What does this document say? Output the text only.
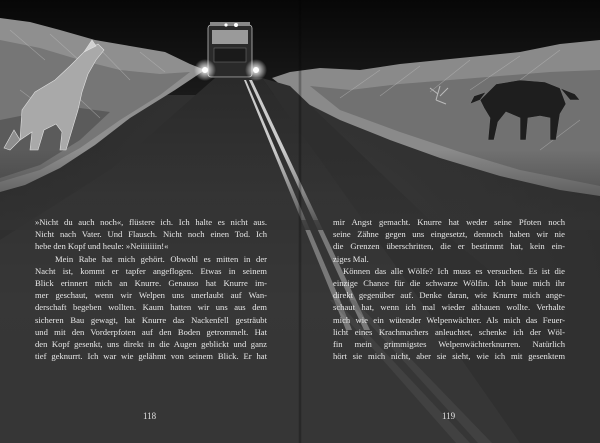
»Nicht du auch noch«, flüstere ich. Ich halte es nicht aus.
Nicht nach Vater. Und Flausch. Nicht noch einen Tod. Ich
hebe den Kopf und heule: »Neiiiiiiin!«
Mein Rabe hat mich gehört. Obwohl es mitten in der
Nacht ist, kommt er tapfer angeflogen. Etwas in seinem
Blick erinnert mich an Knurre. Genauso hat Knurre im-
mer geschaut, wenn wir Welpen uns unerlaubt auf Wan-
derschaft begeben wollten. Kaum hatten wir uns aus dem
sicheren Bau gewagt, hat Knurre das Nackenfell gesträubt
und mit den Vorderpfoten auf den Boden getrommelt. Hat
den Kopf gesenkt, uns direkt in die Augen geblickt und ganz
tief geknurrt. Ich war wie gelähmt von seinem Blick. Er hat
mir Angst gemacht. Knurre hat weder seine Pfoten noch
seine Zähne gegen uns eingesetzt, dennoch haben wir nie
die Grenzen überschritten, die er bestimmt hat, kein ein-
ziges Mal.
Können das alle Wölfe? Ich muss es versuchen. Es ist die
einzige Chance für die schwarze Wölfin. Ich baue mich ihr
direkt gegenüber auf. Denke daran, wie Knurre mich ange-
schaut hat, wenn ich mal wieder abhauen wollte. Verhalte
mich wie ein wütender Welpenwächter. Als mich das Feuer-
licht eines Krachmachers anleuchtet, schenke ich der Wöl-
fin mein grimmigstes Welpenwächterknurren. Natürlich
hört sie mich nicht, aber sie sieht, wie ich mit gesenktem
118	119
